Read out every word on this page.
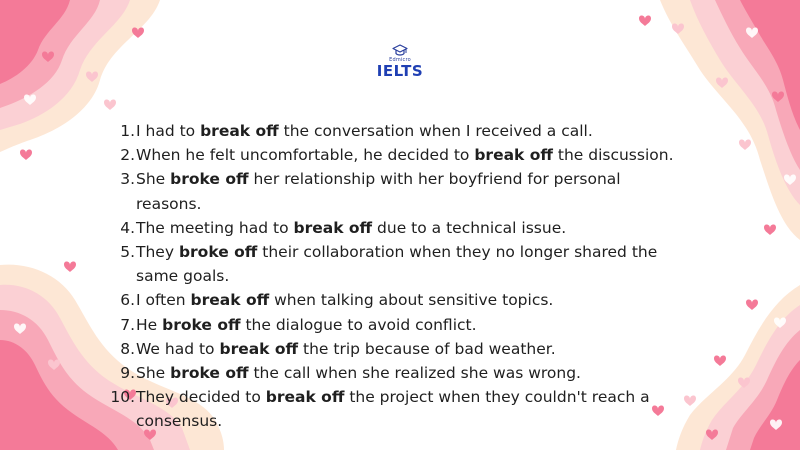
Edmicro
IELTS
1. I had to break off the conversation when I received a call.
2. When he felt uncomfortable, he decided to break off the discussion.
3. She broke off her relationship with her boyfriend for personal reasons.
4. The meeting had to break off due to a technical issue.
5. They broke off their collaboration when they no longer shared the same goals.
6. I often break off when talking about sensitive topics.
7. He broke off the dialogue to avoid conflict.
8. We had to break off the trip because of bad weather.
9. She broke off the call when she realized she was wrong.
10. They decided to break off the project when they couldn't reach a consensus.
